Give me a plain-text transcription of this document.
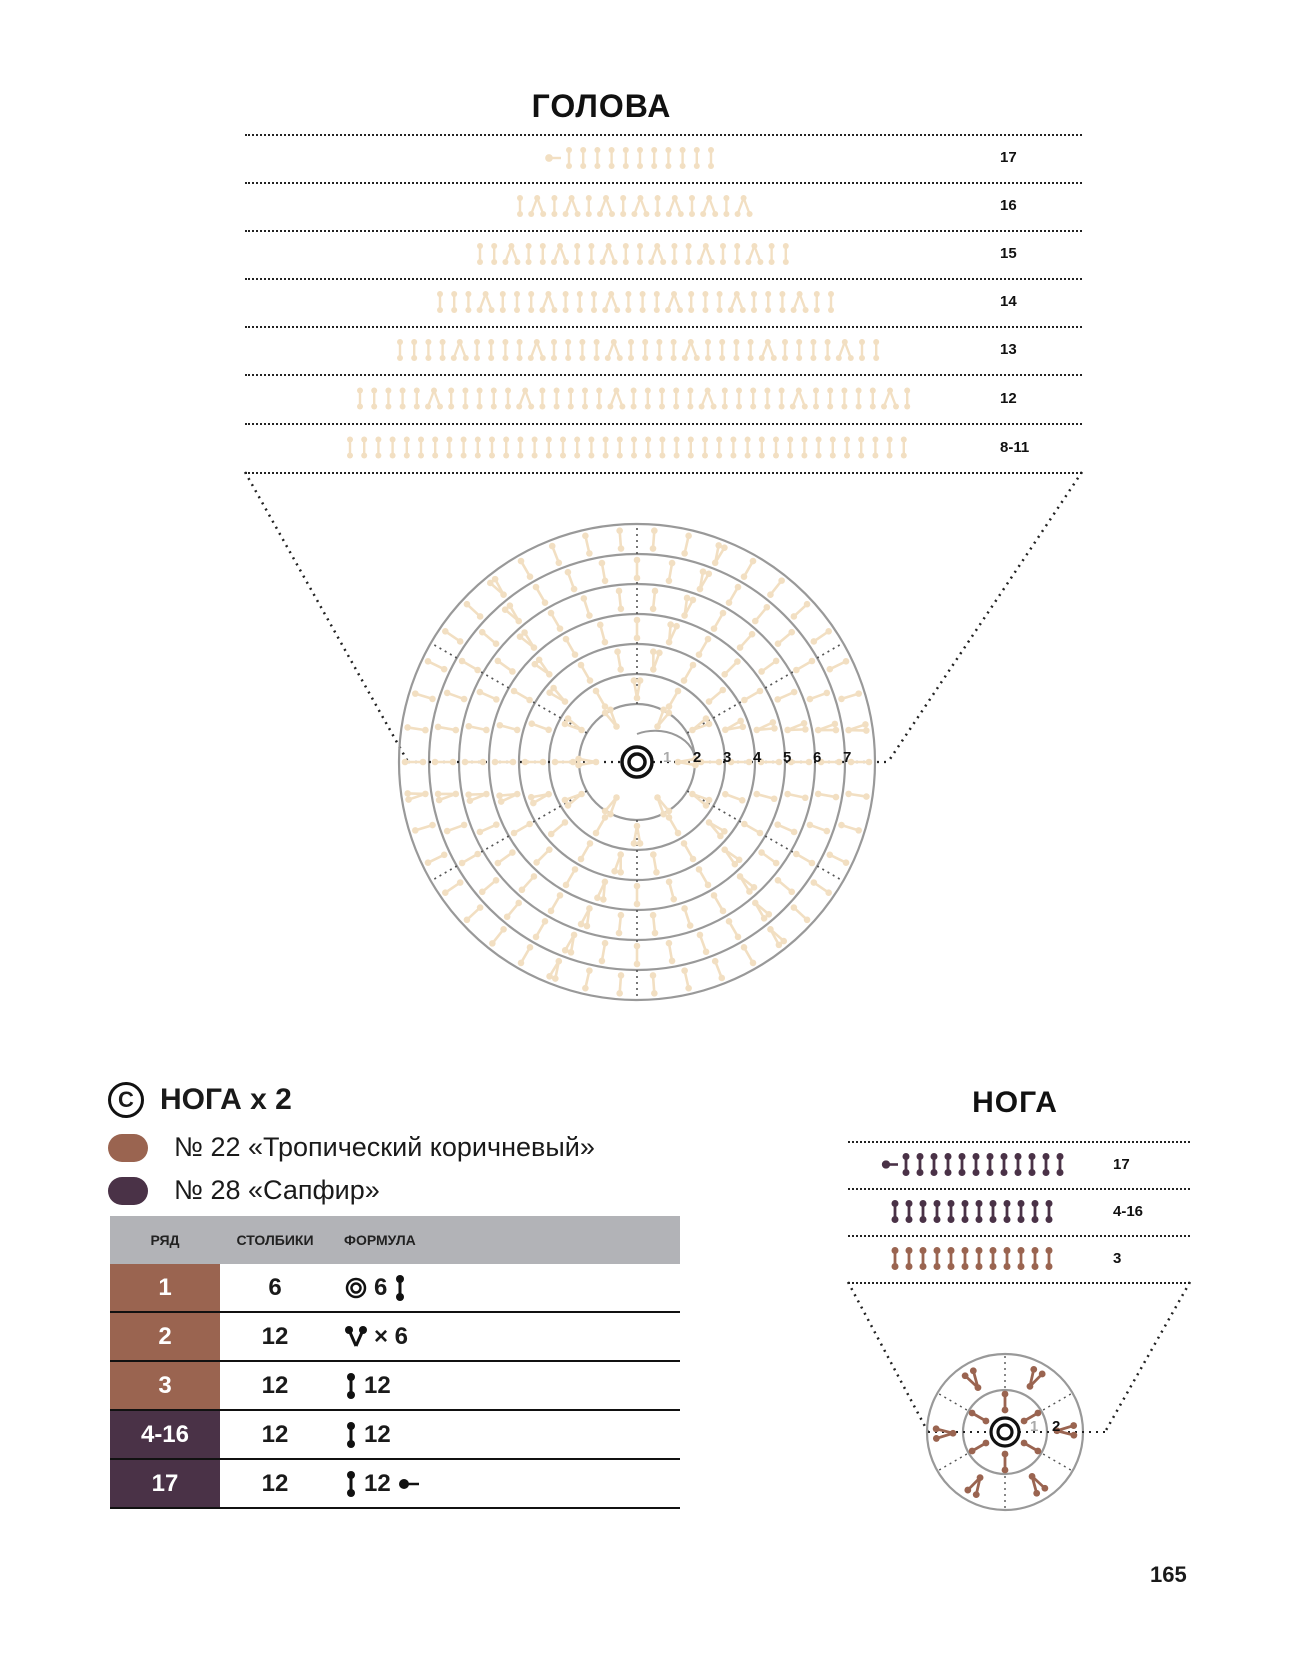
ГОЛОВА
17
16
15
14
13
12
8-11
1 2 3 4 5 6 7
1 2
C НОГА x 2
№ 22 «Тропический коричневый»
№ 28 «Сапфир»
РЯД	СТОЛБИКИ	ФОРМУЛА
1	6	6

2	12	× 6

3	12	12

4-16	12	12

17	12	12
НОГА
17
4-16
3
165
